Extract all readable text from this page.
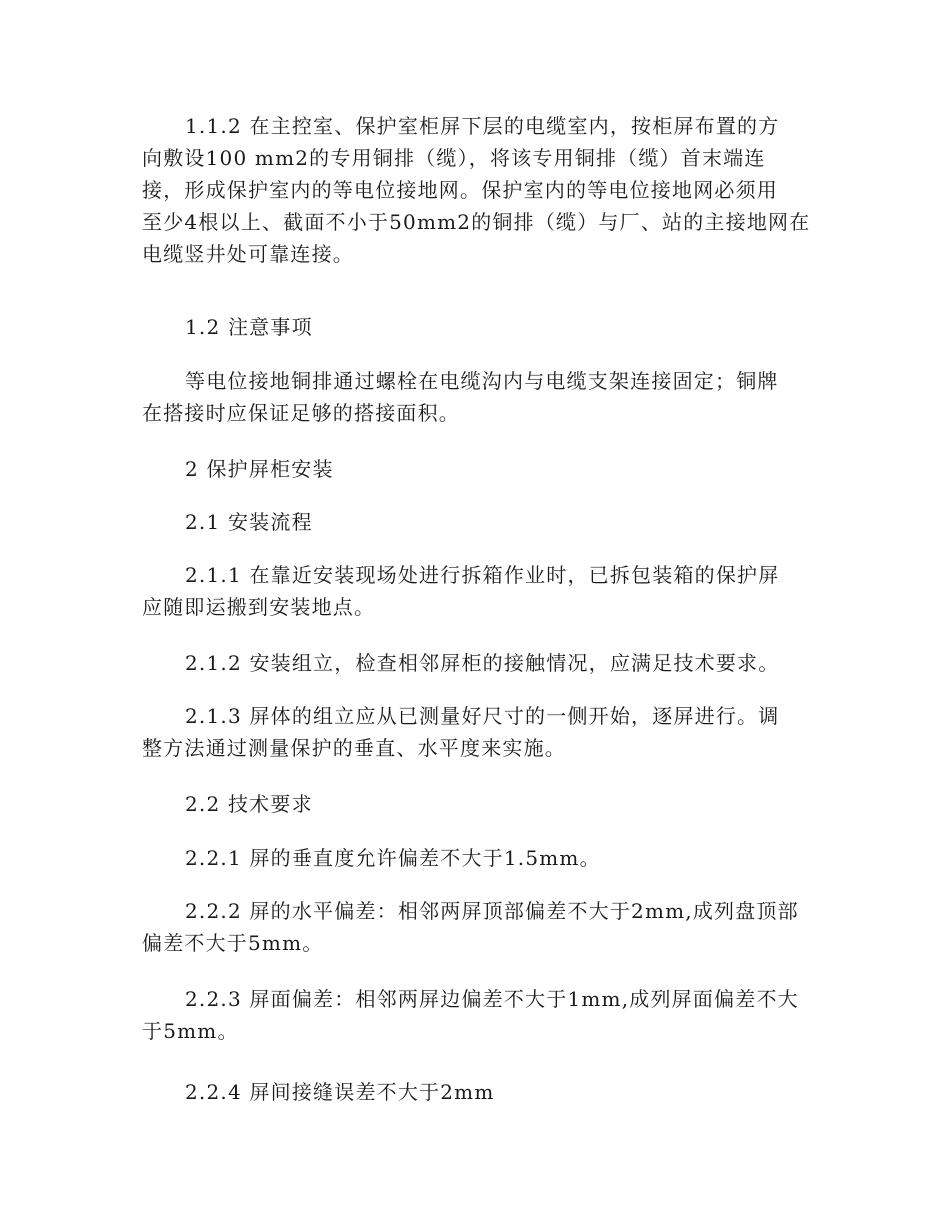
1.1.2 在主控室、保护室柜屏下层的电缆室内，按柜屏布置的方
向敷设100 mm2的专用铜排（缆），将该专用铜排（缆）首末端连
接，形成保护室内的等电位接地网。保护室内的等电位接地网必须用
至少4根以上、截面不小于50mm2的铜排（缆）与厂、站的主接地网在
电缆竖井处可靠连接。
1.2 注意事项
等电位接地铜排通过螺栓在电缆沟内与电缆支架连接固定；铜牌
在搭接时应保证足够的搭接面积。
2 保护屏柜安装
2.1 安装流程
2.1.1 在靠近安装现场处进行拆箱作业时，已拆包装箱的保护屏
应随即运搬到安装地点。
2.1.2 安装组立，检查相邻屏柜的接触情况，应满足技术要求。
2.1.3 屏体的组立应从已测量好尺寸的一侧开始，逐屏进行。调
整方法通过测量保护的垂直、水平度来实施。
2.2 技术要求
2.2.1 屏的垂直度允许偏差不大于1.5mm。
2.2.2 屏的水平偏差：相邻两屏顶部偏差不大于2mm,成列盘顶部
偏差不大于5mm。
2.2.3 屏面偏差：相邻两屏边偏差不大于1mm,成列屏面偏差不大
于5mm。
2.2.4 屏间接缝误差不大于2mm
